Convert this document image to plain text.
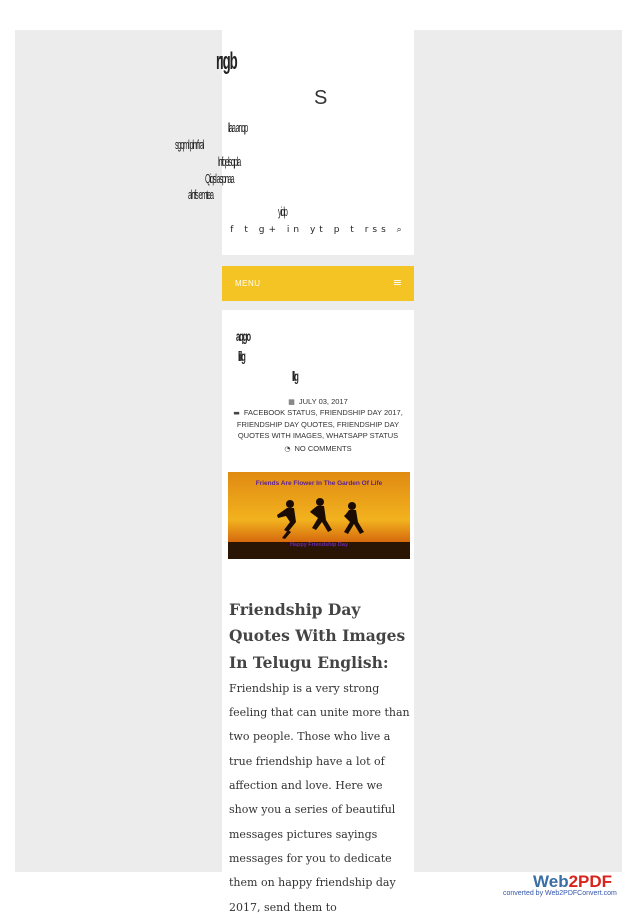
rıgb
S
llaa anqp
sgqml plnrf ral
lnfqelsqpla
Qiqsl aspnaa
alnfs emtea
yidp
f t g+ in yt p t rss ⌕
MENU	≡
aqgo
lilg
llg
▦ JULY 03, 2017
▬ FACEBOOK STATUS, FRIENDSHIP DAY 2017, FRIENDSHIP DAY QUOTES, FRIENDSHIP DAY QUOTES WITH IMAGES, WHATSAPP STATUS
◔ NO COMMENTS
Friends Are Flower In The Garden Of Life
Happy Friendship Day
Friendship Day Quotes With Images In Telugu English: Friendship is a very strong feeling that can unite more than two people. Those who live a true friendship have a lot of affection and love. Here we show you a series of beautiful messages pictures sayings messages for you to dedicate them on happy friendship day 2017, send them to
Web2PDF
converted by Web2PDFConvert.com
